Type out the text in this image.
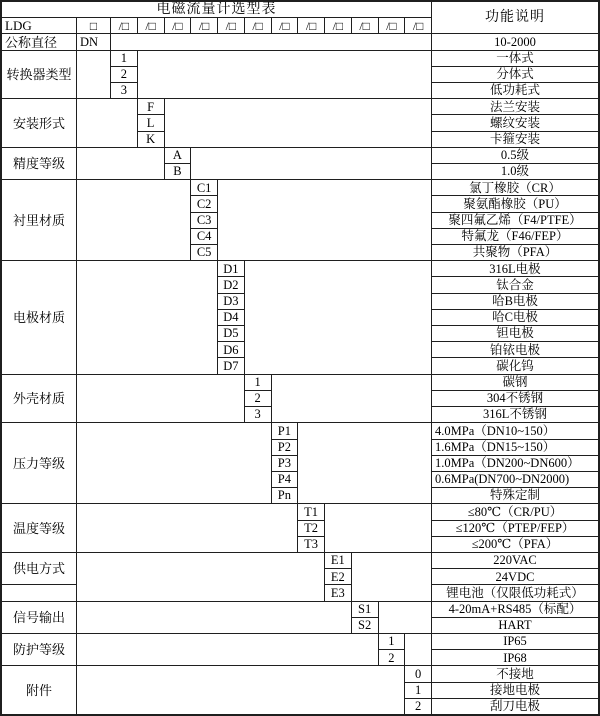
电磁流量计选型表
功能说明
LDG	□	/□	/□	/□	/□	/□	/□	/□	/□	/□	/□	/□	/□
公称直径	DN	10-2000
转换器类型
1	一体式
2	分体式
3	低功耗式
安装形式
F	法兰安装
L	螺纹安装
K	卡箍安装
精度等级
A	0.5级
B	1.0级
衬里材质
C1	氯丁橡胶（CR）
C2	聚氨酯橡胶（PU）
C3	聚四氟乙烯（F4/PTFE）
C4	特氟龙（F46/FEP）
C5	共聚物（PFA）
电极材质
D1	316L电极
D2	钛合金
D3	哈B电极
D4	哈C电极
D5	钽电极
D6	铂铱电极
D7	碳化钨
外壳材质
1	碳钢
2	304不锈钢
3	316L不锈钢
压力等级
P1	4.0MPa（DN10~150）
P2	1.6MPa（DN15~150）
P3	1.0MPa（DN200~DN600）
P4	0.6MPa(DN700~DN2000)
Pn	特殊定制
温度等级
T1	≤80℃（CR/PU）
T2	≤120℃（PTEP/FEP）
T3	≤200℃（PFA）
供电方式
E1	220VAC
E2	24VDC
E3	锂电池（仅限低功耗式）
信号输出
S1	4-20mA+RS485（标配）
S2	HART
防护等级
1	IP65
2	IP68
附件
0	不接地
1	接地电极
2	刮刀电极
